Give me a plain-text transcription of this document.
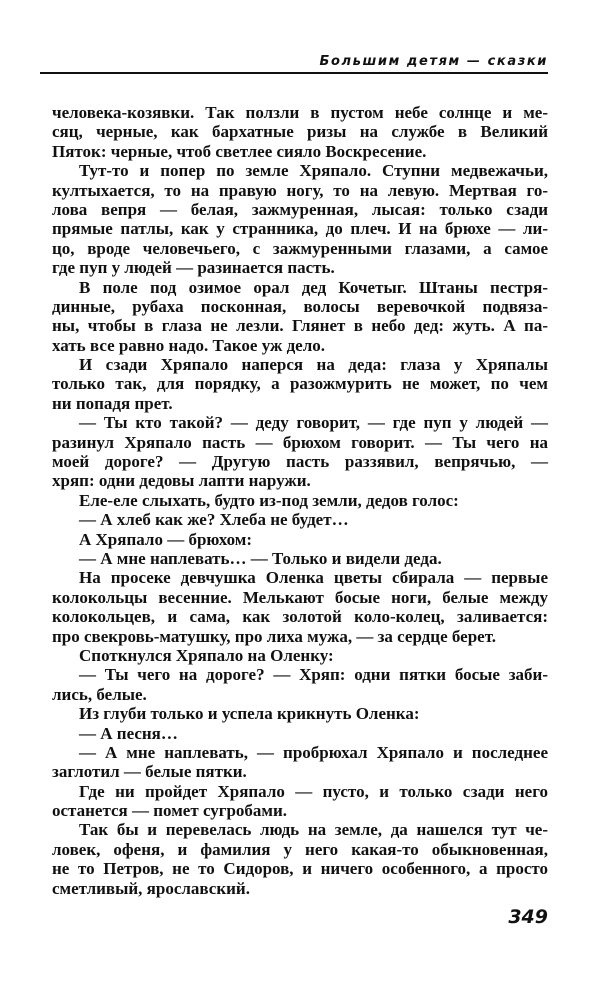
Большим детям — сказки
человека-козявки. Так ползли в пустом небе солнце и ме-
сяц, черные, как бархатные ризы на службе в Великий
Пяток: черные, чтоб светлее сияло Воскресение.
Тут-то и попер по земле Хряпало. Ступни медвежачьи,
култыхается, то на правую ногу, то на левую. Мертвая го-
лова вепря — белая, зажмуренная, лысая: только сзади
прямые патлы, как у странника, до плеч. И на брюхе — ли-
цо, вроде человечьего, с зажмуренными глазами, а самое
где пуп у людей — разинается пасть.
В поле под озимое орал дед Кочетыг. Штаны пестря-
динные, рубаха посконная, волосы веревочкой подвяза-
ны, чтобы в глаза не лезли. Глянет в небо дед: жуть. А па-
хать все равно надо. Такое уж дело.
И сзади Хряпало наперся на деда: глаза у Хряпалы
только так, для порядку, а разожмурить не может, по чем
ни попадя прет.
— Ты кто такой? — деду говорит, — где пуп у людей —
разинул Хряпало пасть — брюхом говорит. — Ты чего на
моей дороге? — Другую пасть раззявил, вепрячью, —
хряп: одни дедовы лапти наружи.
Еле-еле слыхать, будто из-под земли, дедов голос:
— А хлеб как же? Хлеба не будет…
А Хряпало — брюхом:
— А мне наплевать… — Только и видели деда.
На просеке девчушка Оленка цветы сбирала — первые
колокольцы весенние. Мелькают босые ноги, белые между
колокольцев, и сама, как золотой коло-колец, заливается:
про свекровь-матушку, про лиха мужа, — за сердце берет.
Споткнулся Хряпало на Оленку:
— Ты чего на дороге? — Хряп: одни пятки босые заби-
лись, белые.
Из глуби только и успела крикнуть Оленка:
— А песня…
— А мне наплевать, — пробрюхал Хряпало и последнее
заглотил — белые пятки.
Где ни пройдет Хряпало — пусто, и только сзади него
останется — помет сугробами.
Так бы и перевелась людь на земле, да нашелся тут че-
ловек, офеня, и фамилия у него какая-то обыкновенная,
не то Петров, не то Сидоров, и ничего особенного, а просто
сметливый, ярославский.
349
